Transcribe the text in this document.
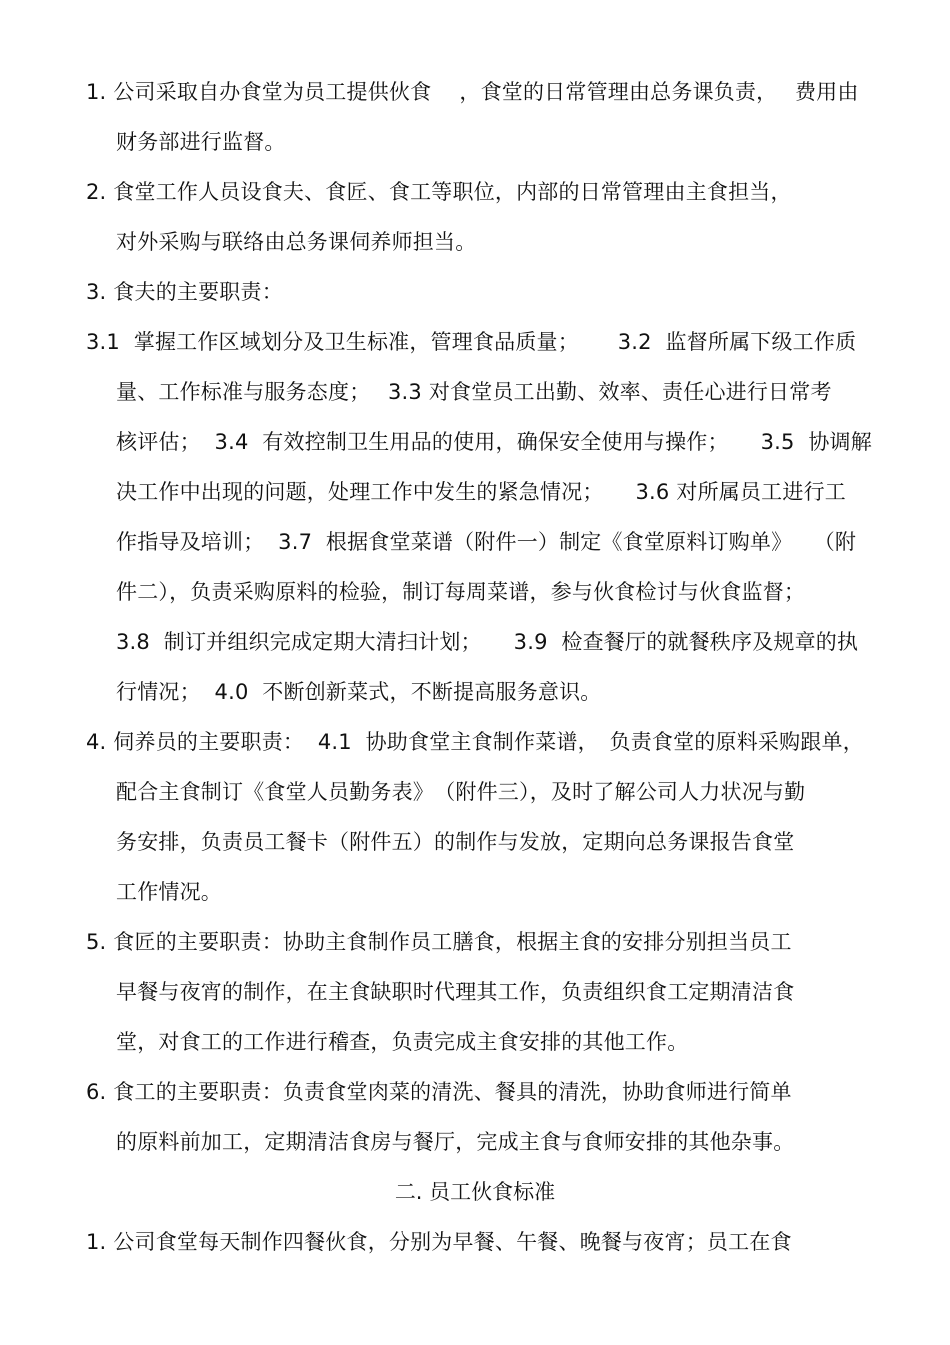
1. 公司采取自办食堂为员工提供伙食　 ，食堂的日常管理由总务课负责，　 费用由
财务部进行监督。
2. 食堂工作人员设食夫、食匠、食工等职位，内部的日常管理由主食担当，
对外采购与联络由总务课伺养师担当。
3. 食夫的主要职责：
3.1  掌握工作区域划分及卫生标准，管理食品质量；　　 3.2  监督所属下级工作质
量、工作标准与服务态度；　 3.3 对食堂员工出勤、效率、责任心进行日常考
核评估；  3.4  有效控制卫生用品的使用，确保安全使用与操作；　　3.5  协调解
决工作中出现的问题，处理工作中发生的紧急情况；　　3.6 对所属员工进行工
作指导及培训；  3.7  根据食堂菜谱（附件一）制定《食堂原料订购单》　　（附
件二），负责采购原料的检验，制订每周菜谱，参与伙食检讨与伙食监督；
3.8  制订并组织完成定期大清扫计划；　　3.9  检查餐厅的就餐秩序及规章的执
行情况；  4.0  不断创新菜式，不断提高服务意识。
4. 伺养员的主要职责：  4.1  协助食堂主食制作菜谱，　负责食堂的原料采购跟单，
配合主食制订《食堂人员勤务表》　（附件三），及时了解公司人力状况与勤
务安排，负责员工餐卡（附件五）的制作与发放，定期向总务课报告食堂
工作情况。
5. 食匠的主要职责：协助主食制作员工膳食，根据主食的安排分别担当员工
早餐与夜宵的制作，在主食缺职时代理其工作，负责组织食工定期清洁食
堂，对食工的工作进行稽查，负责完成主食安排的其他工作。
6. 食工的主要职责：负责食堂肉菜的清洗、餐具的清洗，协助食师进行简单
的原料前加工，定期清洁食房与餐厅，完成主食与食师安排的其他杂事。
二. 员工伙食标准
1. 公司食堂每天制作四餐伙食，分别为早餐、午餐、晚餐与夜宵；员工在食
